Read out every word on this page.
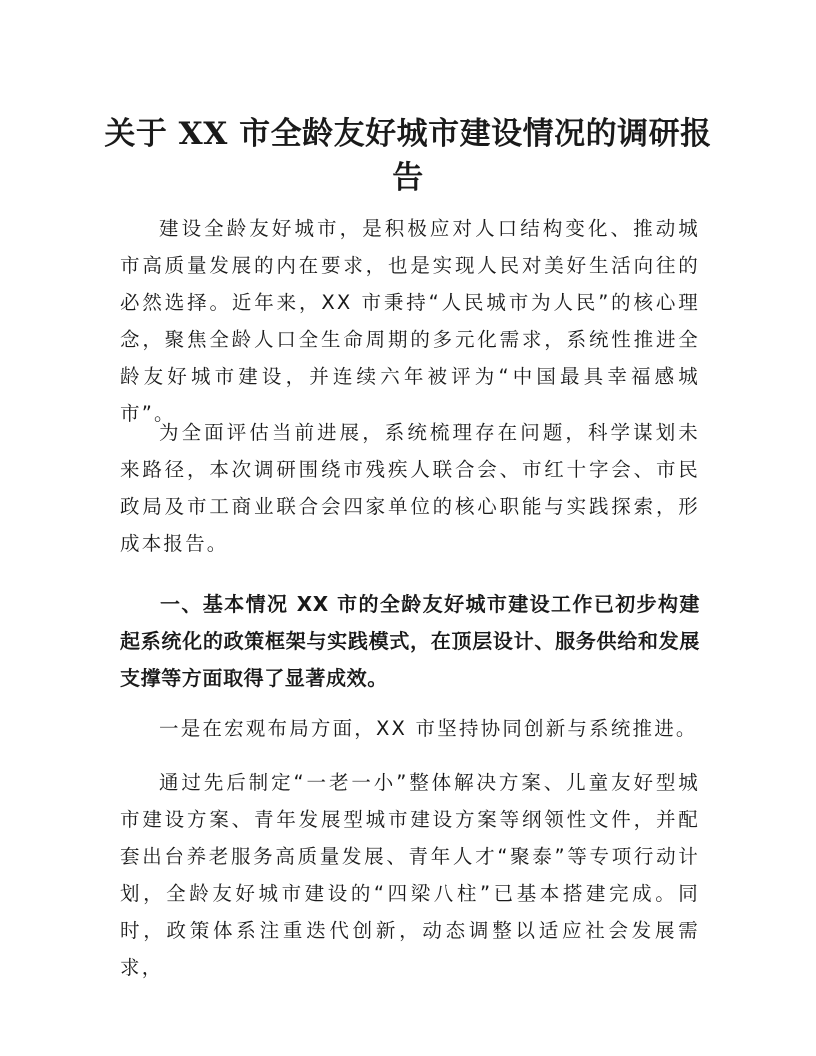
关于 XX 市全龄友好城市建设情况的调研报告

建设全龄友好城市，是积极应对人口结构变化、推动城市高质量发展的内在要求，也是实现人民对美好生活向往的必然选择。近年来，XX 市秉持“人民城市为人民”的核心理念，聚焦全龄人口全生命周期的多元化需求，系统性推进全龄友好城市建设，并连续六年被评为“中国最具幸福感城市”。

为全面评估当前进展，系统梳理存在问题，科学谋划未来路径，本次调研围绕市残疾人联合会、市红十字会、市民政局及市工商业联合会四家单位的核心职能与实践探索，形成本报告。

一、基本情况 XX 市的全龄友好城市建设工作已初步构建起系统化的政策框架与实践模式，在顶层设计、服务供给和发展支撑等方面取得了显著成效。

一是在宏观布局方面，XX 市坚持协同创新与系统推进。

通过先后制定“一老一小”整体解决方案、儿童友好型城市建设方案、青年发展型城市建设方案等纲领性文件，并配套出台养老服务高质量发展、青年人才“聚泰”等专项行动计划，全龄友好城市建设的“四梁八柱”已基本搭建完成。同时，政策体系注重迭代创新，动态调整以适应社会发展需求，
